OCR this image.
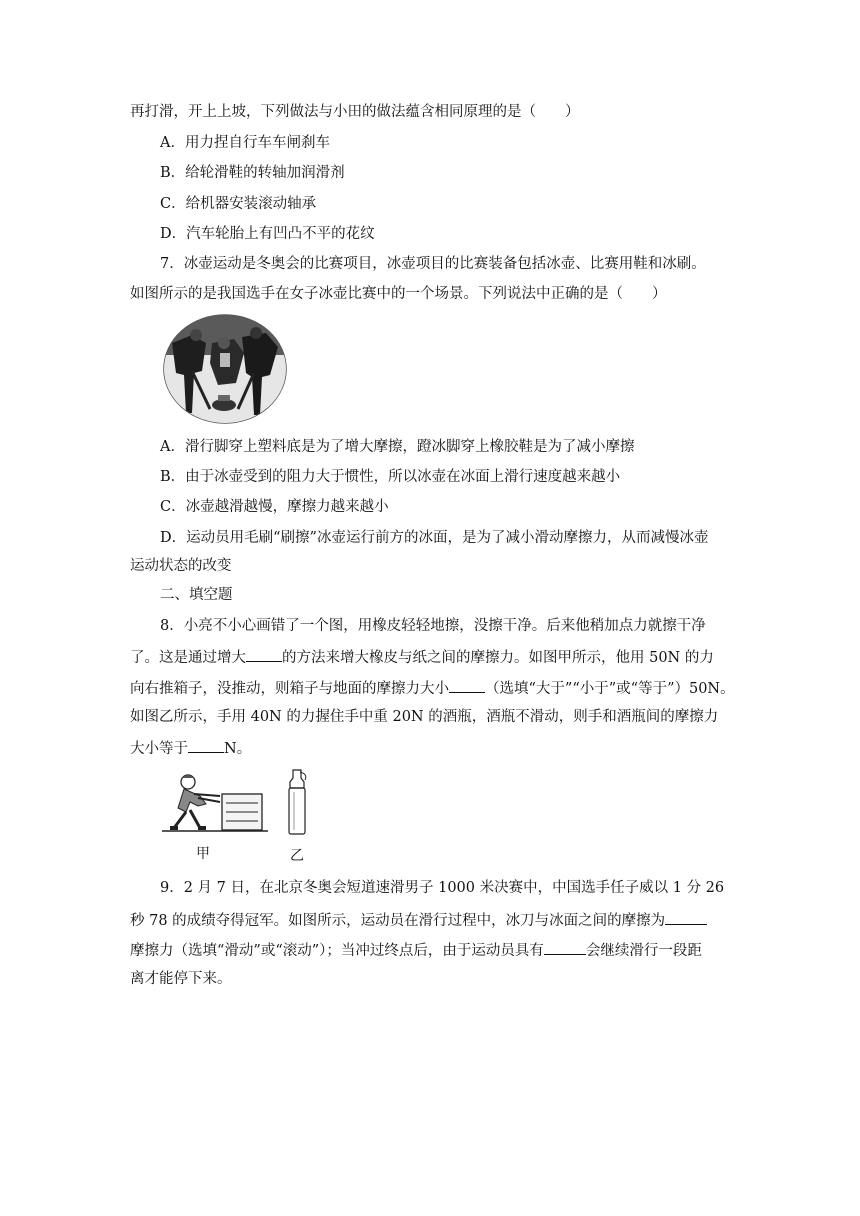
再打滑，开上上坡，下列做法与小田的做法蕴含相同原理的是（　　）
A．用力捏自行车车闸刹车
B．给轮滑鞋的转轴加润滑剂
C．给机器安装滚动轴承
D．汽车轮胎上有凹凸不平的花纹
7．冰壶运动是冬奥会的比赛项目，冰壶项目的比赛装备包括冰壶、比赛用鞋和冰刷。
如图所示的是我国选手在女子冰壶比赛中的一个场景。下列说法中正确的是（　　）
A．滑行脚穿上塑料底是为了增大摩擦，蹬冰脚穿上橡胶鞋是为了减小摩擦
B．由于冰壶受到的阻力大于惯性，所以冰壶在冰面上滑行速度越来越小
C．冰壶越滑越慢，摩擦力越来越小
D．运动员用毛刷“刷擦”冰壶运行前方的冰面，是为了减小滑动摩擦力，从而减慢冰壶
运动状态的改变
二、填空题
8．小亮不小心画错了一个图，用橡皮轻轻地擦，没擦干净。后来他稍加点力就擦干净
了。这是通过增大 的方法来增大橡皮与纸之间的摩擦力。如图甲所示，他用 50N 的力
向右推箱子，没推动，则箱子与地面的摩擦力大小 （选填“大于”“小于”或“等于”）50N。
如图乙所示，手用 40N 的力握住手中重 20N 的酒瓶，酒瓶不滑动，则手和酒瓶间的摩擦力
大小等于 N。
甲	乙
9．2 月 7 日，在北京冬奥会短道速滑男子 1000 米决赛中，中国选手任子威以 1 分 26
秒 78 的成绩夺得冠军。如图所示，运动员在滑行过程中，冰刀与冰面之间的摩擦为
摩擦力（选填“滑动”或“滚动”）；当冲过终点后，由于运动员具有	会继续滑行一段距
离才能停下来。
